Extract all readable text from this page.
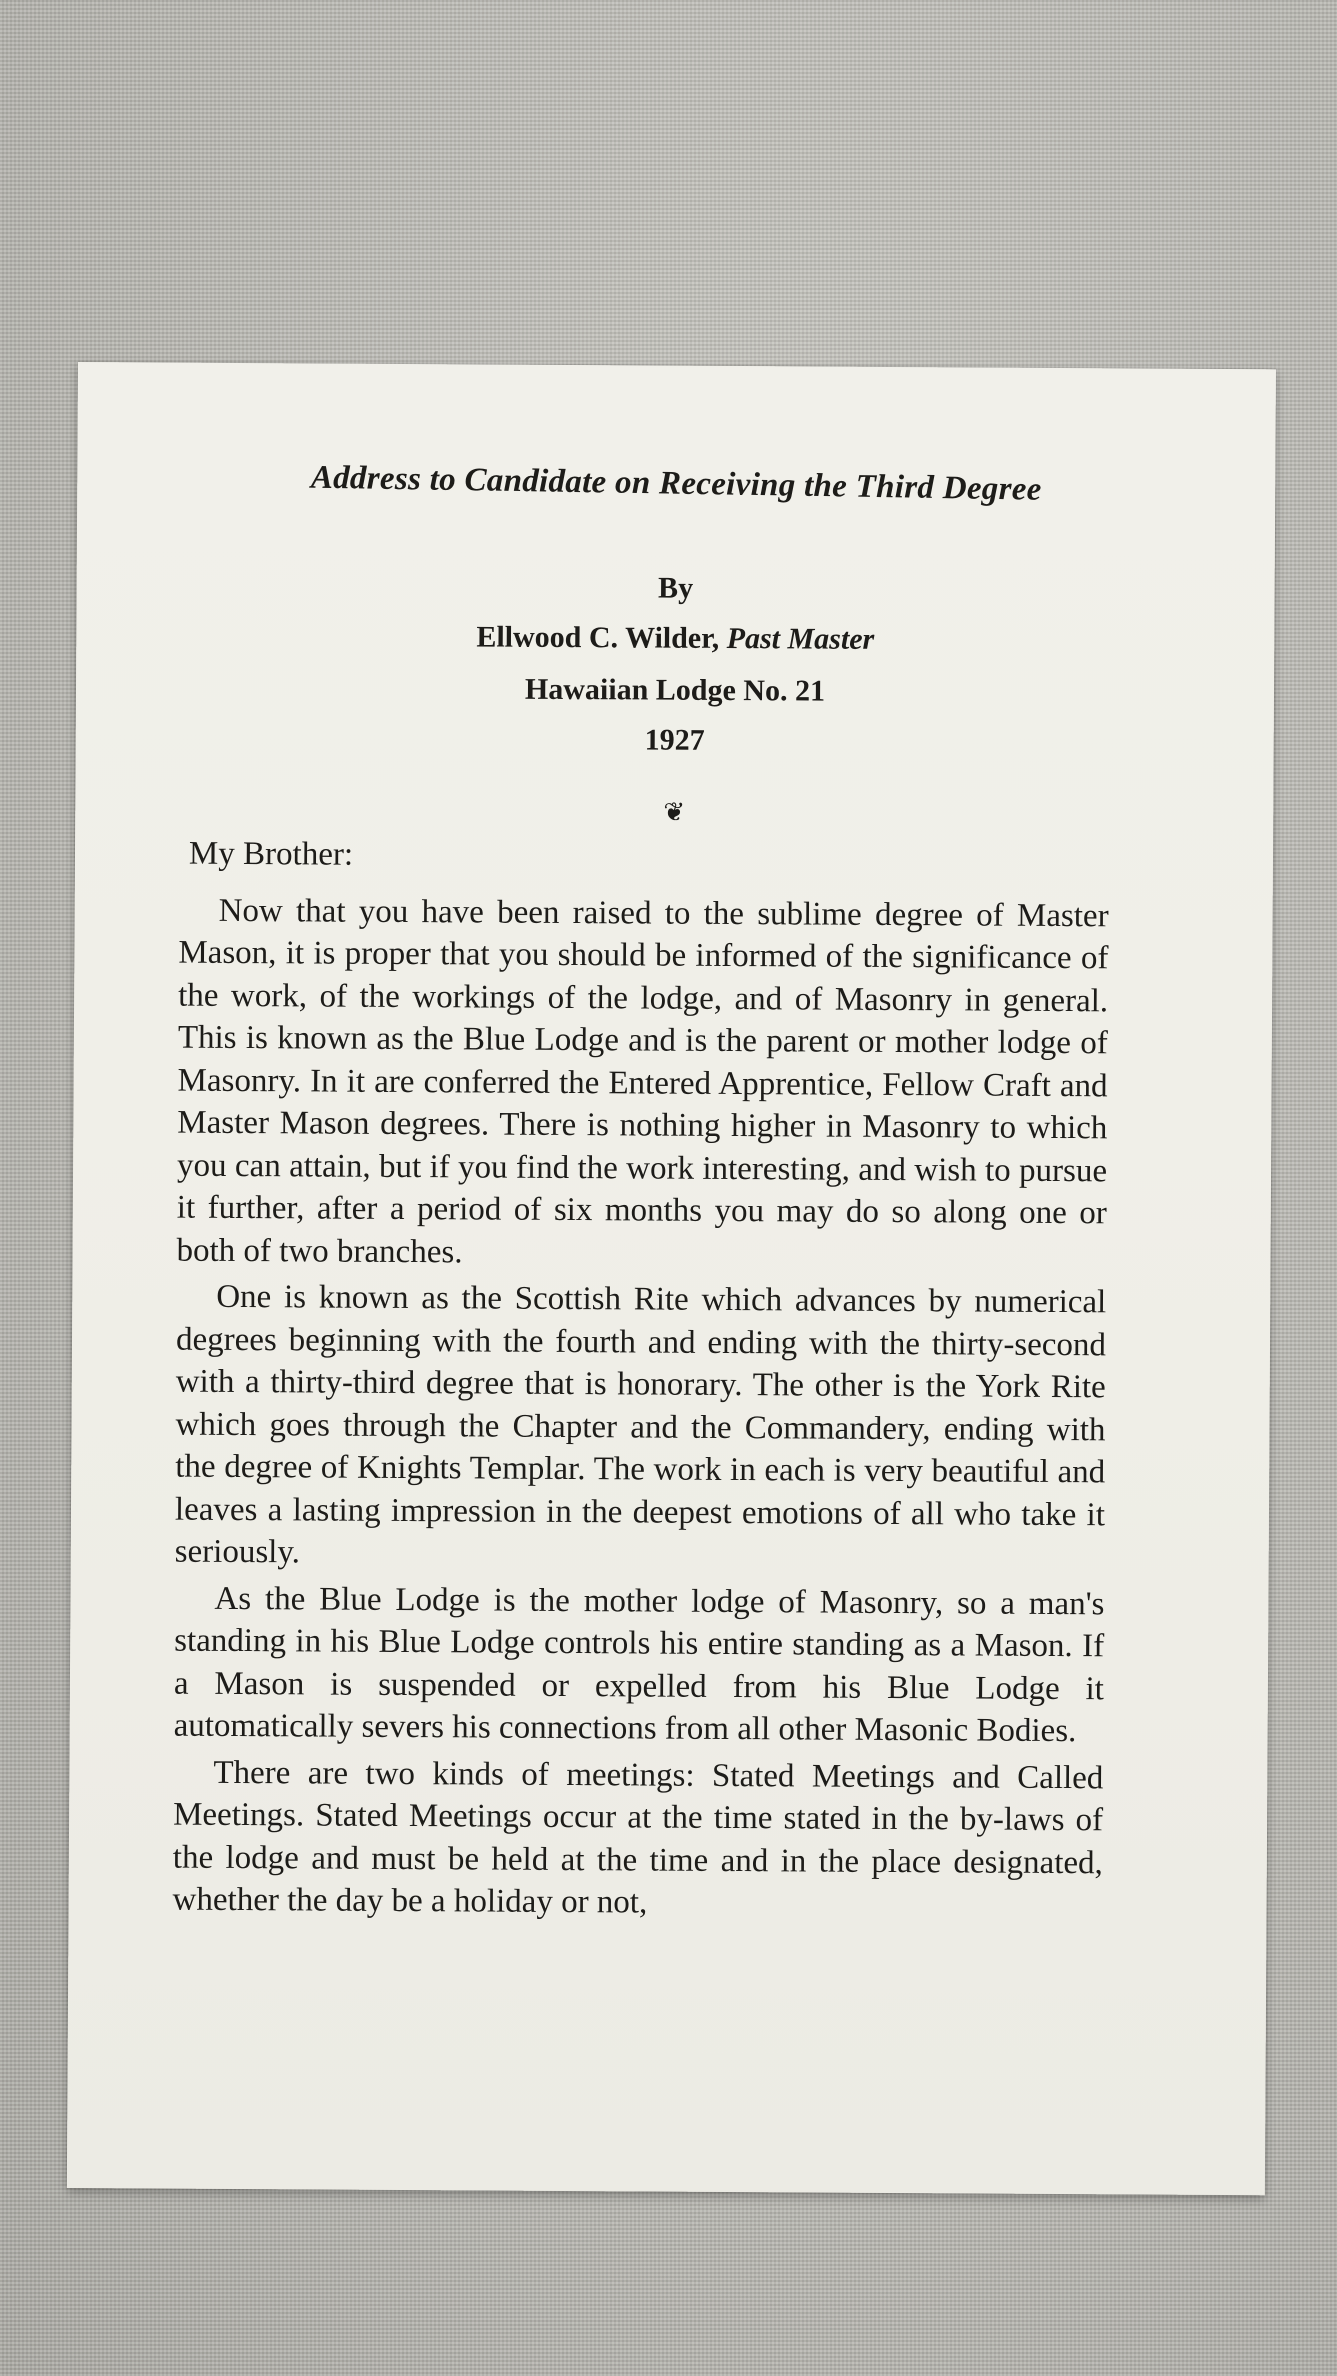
Address to Candidate on Receiving the Third Degree
By
Ellwood C. Wilder, Past Master
Hawaiian Lodge No. 21
1927
❦
My Brother:

Now that you have been raised to the sublime degree of Master Mason, it is proper that you should be informed of the significance of the work, of the workings of the lodge, and of Masonry in general. This is known as the Blue Lodge and is the parent or mother lodge of Masonry. In it are conferred the Entered Apprentice, Fellow Craft and Master Mason degrees. There is nothing higher in Masonry to which you can attain, but if you find the work interesting, and wish to pursue it further, after a period of six months you may do so along one or both of two branches.

One is known as the Scottish Rite which advances by numerical degrees beginning with the fourth and ending with the thirty-second with a thirty-third degree that is honorary. The other is the York Rite which goes through the Chapter and the Commandery, ending with the degree of Knights Templar. The work in each is very beautiful and leaves a lasting impression in the deepest emotions of all who take it seriously.

As the Blue Lodge is the mother lodge of Masonry, so a man's standing in his Blue Lodge controls his entire standing as a Mason. If a Mason is suspended or expelled from his Blue Lodge it automatically severs his connections from all other Masonic Bodies.

There are two kinds of meetings: Stated Meetings and Called Meetings. Stated Meetings occur at the time stated in the by-laws of the lodge and must be held at the time and in the place designated, whether the day be a holiday or not,
